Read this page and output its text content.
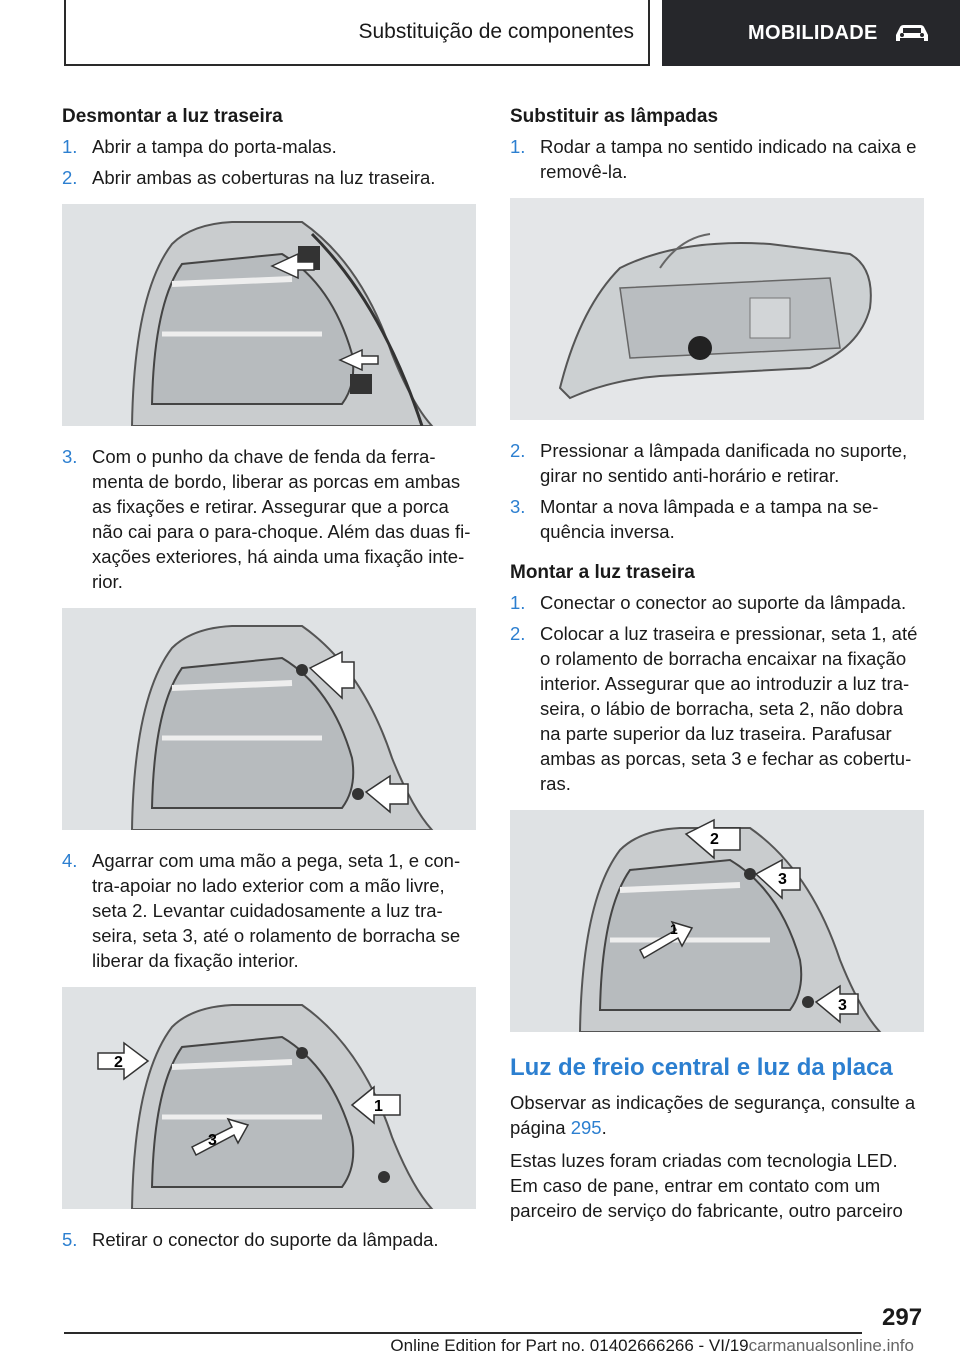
Substituição de componentes	MOBILIDADE
Desmontar a luz traseira
1. Abrir a tampa do porta-malas.
2. Abrir ambas as coberturas na luz traseira.
3. Com o punho da chave de fenda da ferramenta de bordo, liberar as porcas em ambas as fixações e retirar. Assegurar que a porca não cai para o para-choque. Além das duas fixações exteriores, há ainda uma fixação interior.
4. Agarrar com uma mão a pega, seta 1, e contra-apoiar no lado exterior com a mão livre, seta 2. Levantar cuidadosamente a luz traseira, seta 3, até o rolamento de borracha se liberar da fixação interior.
2
1
3
5. Retirar o conector do suporte da lâmpada.
Substituir as lâmpadas
1. Rodar a tampa no sentido indicado na caixa e removê-la.
2. Pressionar a lâmpada danificada no suporte, girar no sentido anti-horário e retirar.
3. Montar a nova lâmpada e a tampa na sequência inversa.
Montar a luz traseira
1. Conectar o conector ao suporte da lâmpada.
2. Colocar a luz traseira e pressionar, seta 1, até o rolamento de borracha encaixar na fixação interior. Assegurar que ao introduzir a luz traseira, o lábio de borracha, seta 2, não dobra na parte superior da luz traseira. Parafusar ambas as porcas, seta 3 e fechar as coberturas.
2
3
1
3
Luz de freio central e luz da placa

Observar as indicações de segurança, consulte a página 295.

Estas luzes foram criadas com tecnologia LED. Em caso de pane, entrar em contato com um parceiro de serviço do fabricante, outro parceiro

297
Online Edition for Part no. 01402666266 - VI/19carmanualsonline.info
